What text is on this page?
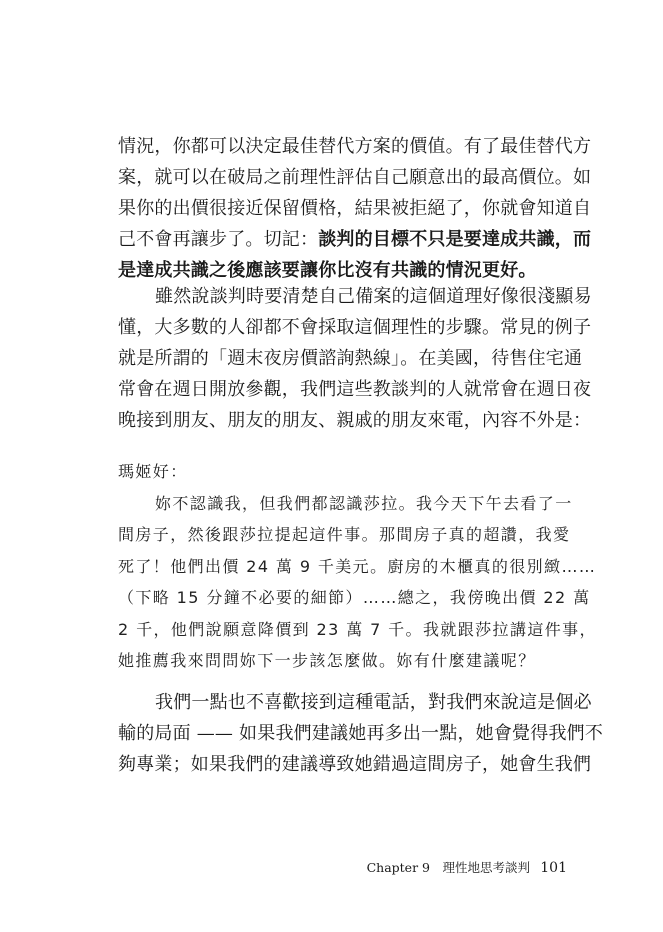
情況，你都可以決定最佳替代方案的價值。有了最佳替代方
案，就可以在破局之前理性評估自己願意出的最高價位。如
果你的出價很接近保留價格，結果被拒絕了，你就會知道自
己不會再讓步了。切記：談判的目標不只是要達成共識，而
是達成共識之後應該要讓你比沒有共識的情況更好。
雖然說談判時要清楚自己備案的這個道理好像很淺顯易
懂，大多數的人卻都不會採取這個理性的步驟。常見的例子
就是所謂的「週末夜房價諮詢熱線」。在美國，待售住宅通
常會在週日開放參觀，我們這些教談判的人就常會在週日夜
晚接到朋友、朋友的朋友、親戚的朋友來電，內容不外是：
瑪姬好：
妳不認識我，但我們都認識莎拉。我今天下午去看了一
間房子，然後跟莎拉提起這件事。那間房子真的超讚，我愛
死了！他們出價 24 萬 9 千美元。廚房的木櫃真的很別緻……
（下略 15 分鐘不必要的細節）……總之，我傍晚出價 22 萬
2 千，他們說願意降價到 23 萬 7 千。我就跟莎拉講這件事，
她推薦我來問問妳下一步該怎麼做。妳有什麼建議呢？
我們一點也不喜歡接到這種電話，對我們來說這是個必
輸的局面 —— 如果我們建議她再多出一點，她會覺得我們不
夠專業；如果我們的建議導致她錯過這間房子，她會生我們
Chapter 9　理性地思考談判 101
